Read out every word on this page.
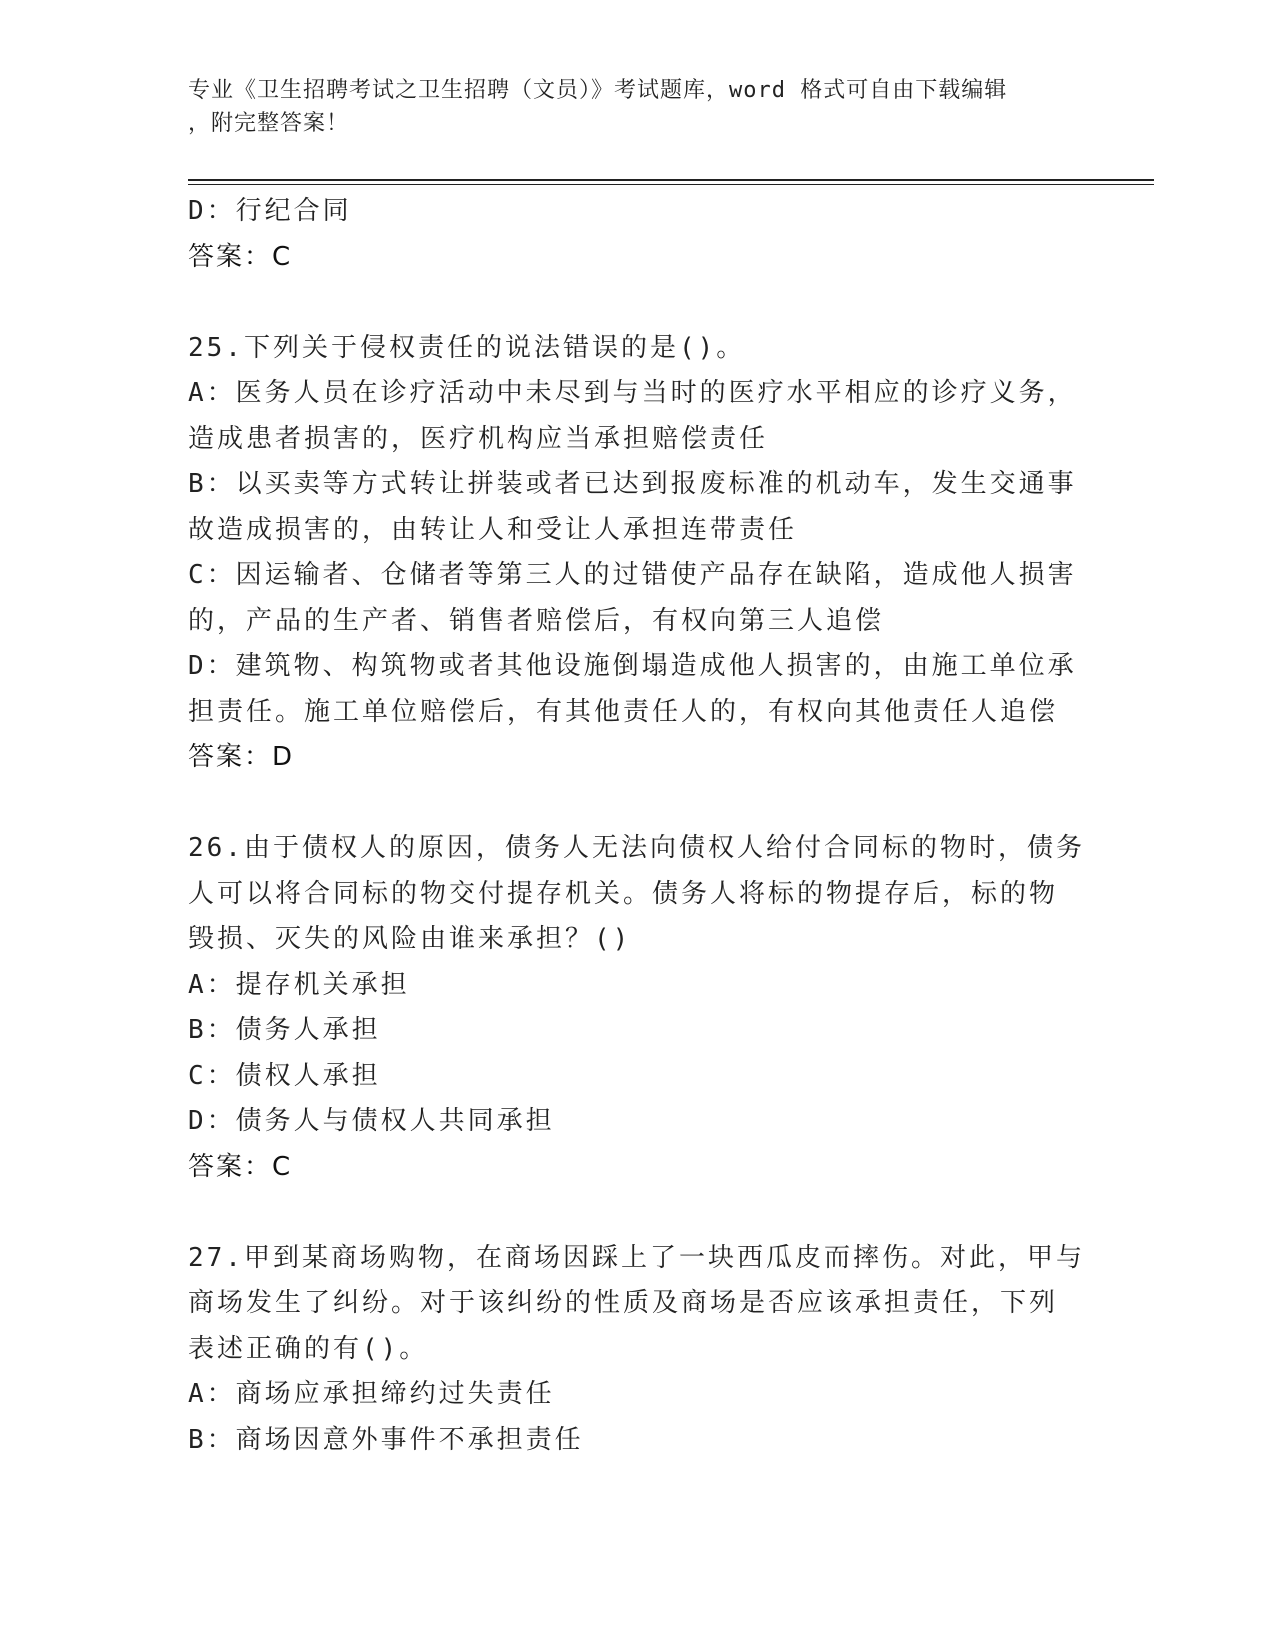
专业《卫生招聘考试之卫生招聘（文员）》考试题库，word 格式可自由下载编辑
，附完整答案！
D：行纪合同
答案：C
25.下列关于侵权责任的说法错误的是()。
A：医务人员在诊疗活动中未尽到与当时的医疗水平相应的诊疗义务，
造成患者损害的，医疗机构应当承担赔偿责任
B：以买卖等方式转让拼装或者已达到报废标准的机动车，发生交通事
故造成损害的，由转让人和受让人承担连带责任
C：因运输者、仓储者等第三人的过错使产品存在缺陷，造成他人损害
的，产品的生产者、销售者赔偿后，有权向第三人追偿
D：建筑物、构筑物或者其他设施倒塌造成他人损害的，由施工单位承
担责任。施工单位赔偿后，有其他责任人的，有权向其他责任人追偿
答案：D
26.由于债权人的原因，债务人无法向债权人给付合同标的物时，债务
人可以将合同标的物交付提存机关。债务人将标的物提存后，标的物
毁损、灭失的风险由谁来承担？()
A：提存机关承担
B：债务人承担
C：债权人承担
D：债务人与债权人共同承担
答案：C
27.甲到某商场购物，在商场因踩上了一块西瓜皮而摔伤。对此，甲与
商场发生了纠纷。对于该纠纷的性质及商场是否应该承担责任，下列
表述正确的有()。
A：商场应承担缔约过失责任
B：商场因意外事件不承担责任
